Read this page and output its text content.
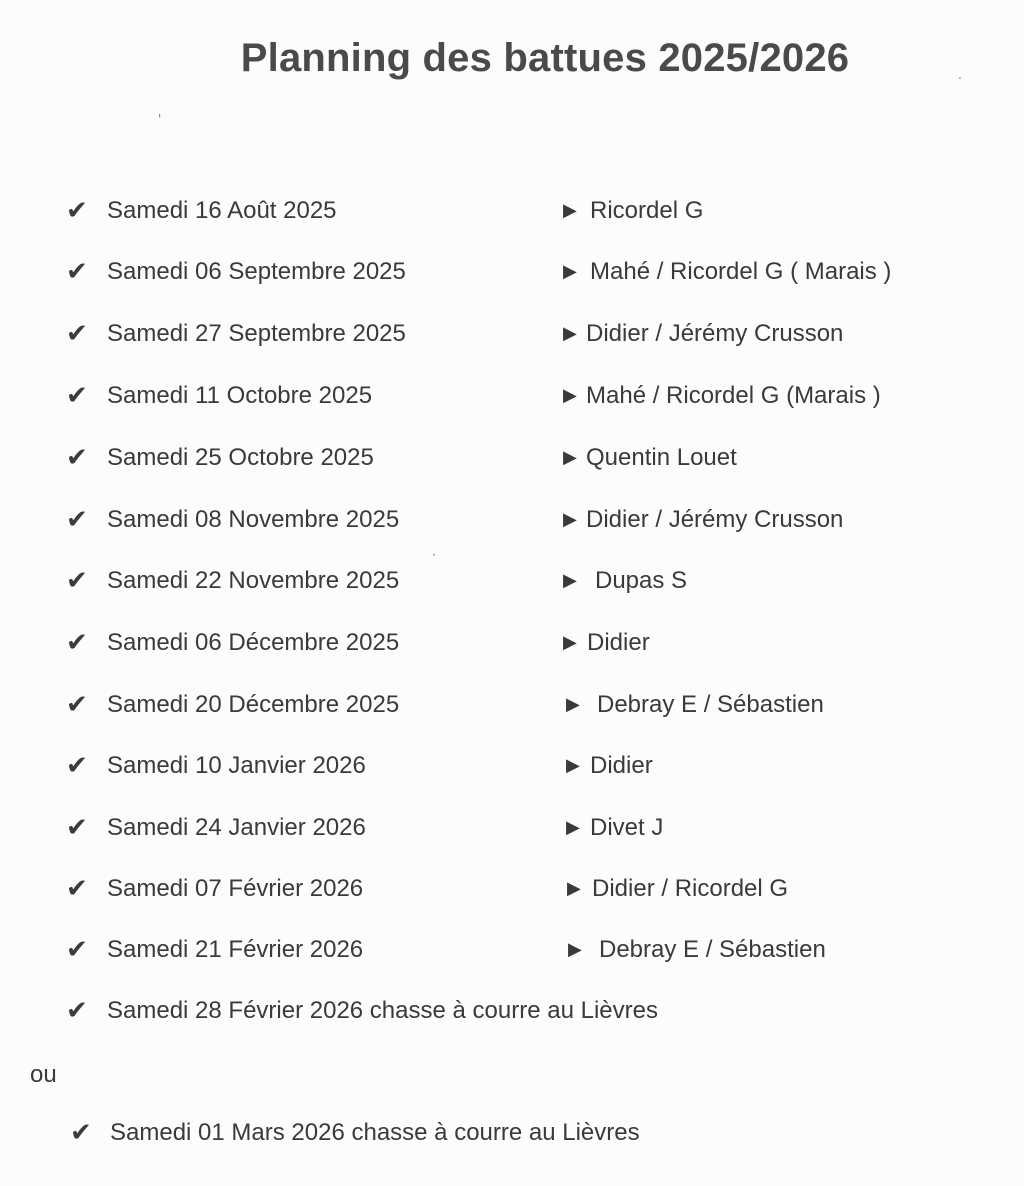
Planning des battues 2025/2026
✔ Samedi 16 Août 2025	▶ Ricordel G
✔ Samedi 06 Septembre 2025	▶ Mahé / Ricordel G ( Marais )
✔ Samedi 27 Septembre 2025	▶ Didier / Jérémy Crusson
✔ Samedi 11 Octobre 2025	▶ Mahé / Ricordel G (Marais )
✔ Samedi 25 Octobre 2025	▶ Quentin Louet
✔ Samedi 08 Novembre 2025	▶ Didier / Jérémy Crusson
✔ Samedi 22 Novembre 2025	▶ Dupas S
✔ Samedi 06 Décembre 2025	▶ Didier
✔ Samedi 20 Décembre 2025	▶ Debray E / Sébastien
✔ Samedi 10 Janvier 2026	▶ Didier
✔ Samedi 24 Janvier 2026	▶ Divet J
✔ Samedi 07 Février 2026	▶ Didier / Ricordel G
✔ Samedi 21 Février 2026	▶ Debray E / Sébastien
✔ Samedi 28 Février 2026 chasse à courre au Lièvres
ou
✔ Samedi 01 Mars 2026 chasse à courre au Lièvres
'
.
·
